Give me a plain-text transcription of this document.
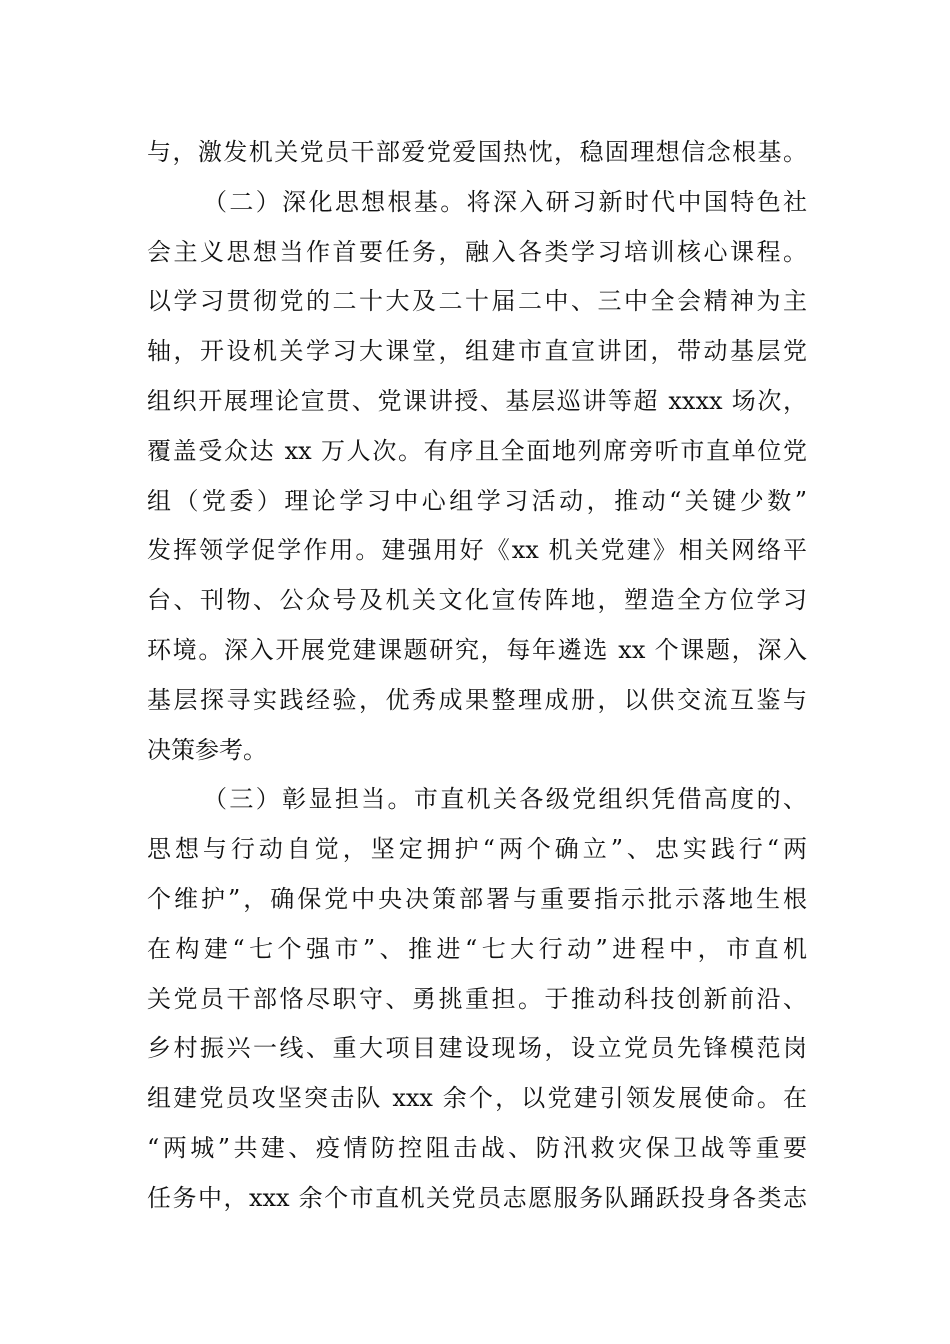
与，激发机关党员干部爱党爱国热忱，稳固理想信念根基。
（二）深化思想根基。将深入研习新时代中国特色社
会主义思想当作首要任务，融入各类学习培训核心课程。
以学习贯彻党的二十大及二十届二中、三中全会精神为主
轴，开设机关学习大课堂，组建市直宣讲团，带动基层党
组织开展理论宣贯、党课讲授、基层巡讲等超 xxxx 场次，
覆盖受众达 xx 万人次。有序且全面地列席旁听市直单位党
组（党委）理论学习中心组学习活动，推动“关键少数”
发挥领学促学作用。建强用好《xx 机关党建》相关网络平
台、刊物、公众号及机关文化宣传阵地，塑造全方位学习
环境。深入开展党建课题研究，每年遴选 xx 个课题，深入
基层探寻实践经验，优秀成果整理成册，以供交流互鉴与
决策参考。
（三）彰显担当。市直机关各级党组织凭借高度的、
思想与行动自觉，坚定拥护“两个确立”、忠实践行“两
个维护”，确保党中央决策部署与重要指示批示落地生根
在构建“七个强市”、推进“七大行动”进程中，市直机
关党员干部恪尽职守、勇挑重担。于推动科技创新前沿、
乡村振兴一线、重大项目建设现场，设立党员先锋模范岗
组建党员攻坚突击队 xxx 余个，以党建引领发展使命。在
“两城”共建、疫情防控阻击战、防汛救灾保卫战等重要
任务中，xxx 余个市直机关党员志愿服务队踊跃投身各类志
